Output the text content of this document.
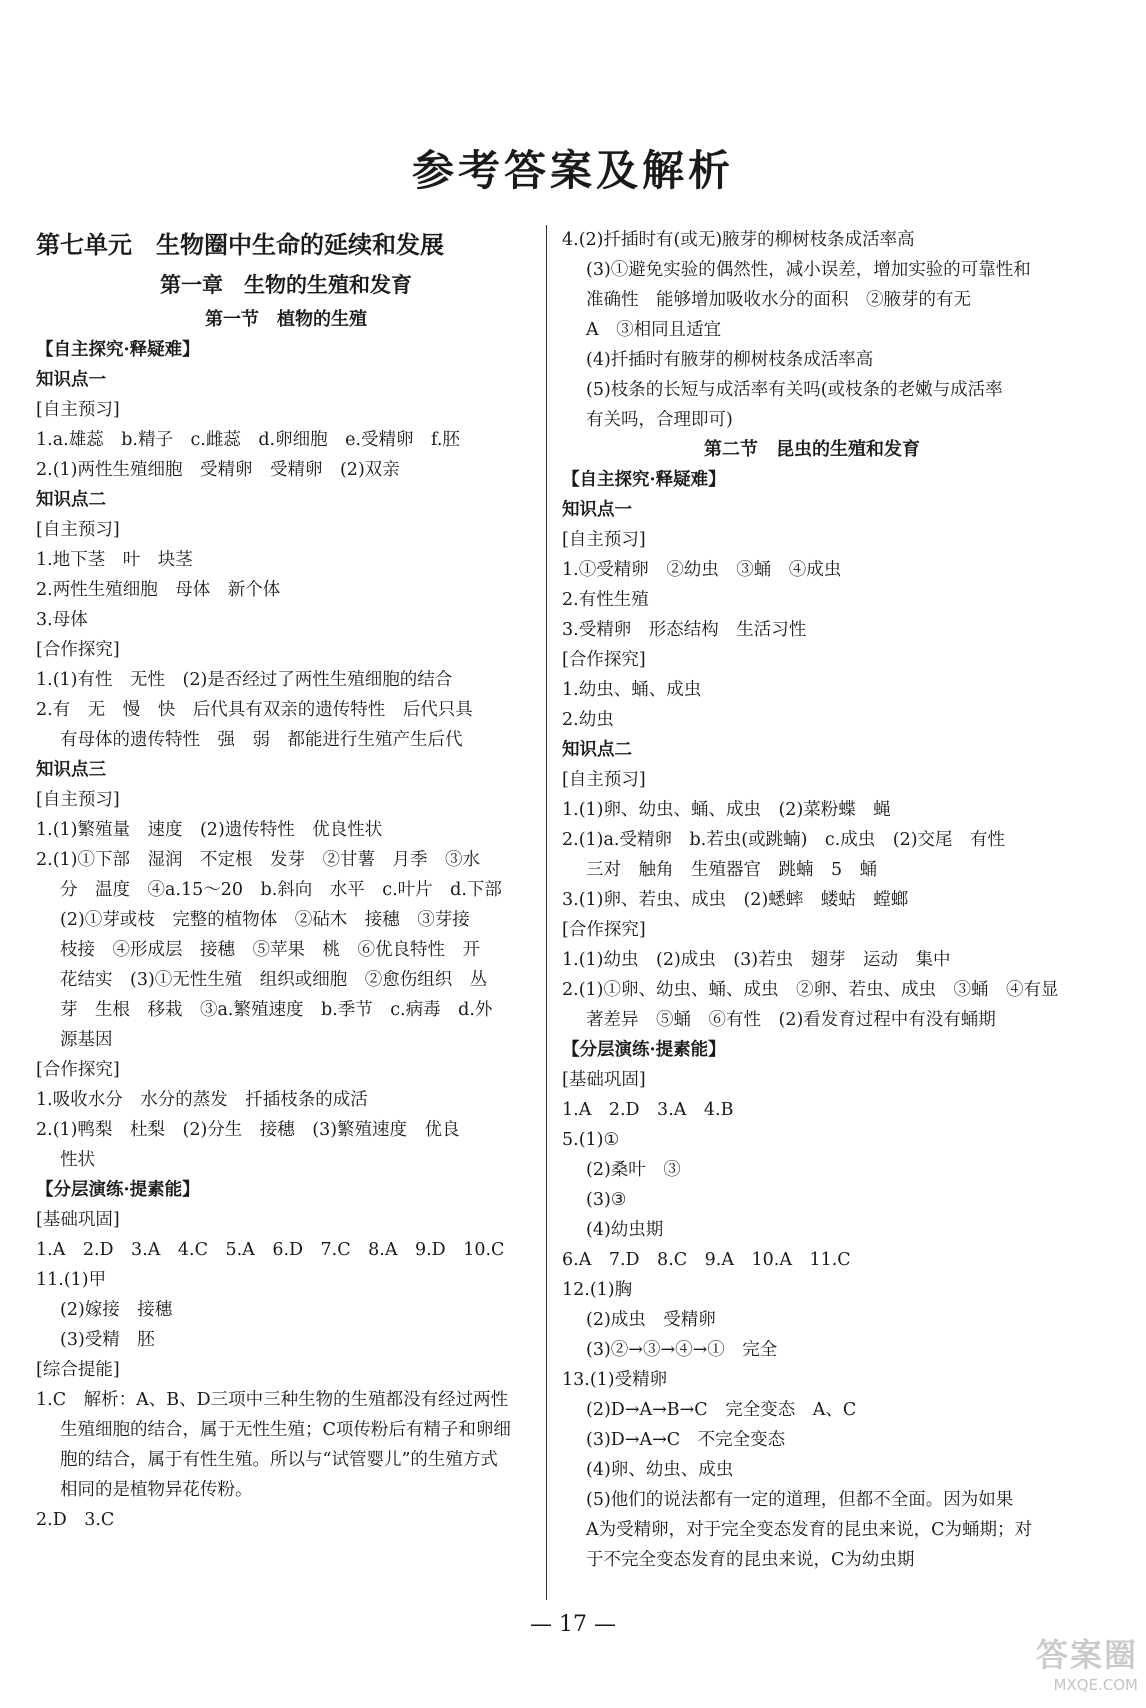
参考答案及解析
第七单元　生物圈中生命的延续和发展
第一章　生物的生殖和发育
第一节　植物的生殖
【自主探究·释疑难】
知识点一
[自主预习]
1.a.雄蕊　b.精子　c.雌蕊　d.卵细胞　e.受精卵　f.胚
2.(1)两性生殖细胞　受精卵　受精卵　(2)双亲
知识点二
[自主预习]
1.地下茎　叶　块茎
2.两性生殖细胞　母体　新个体
3.母体
[合作探究]
1.(1)有性　无性　(2)是否经过了两性生殖细胞的结合
2.有　无　慢　快　后代具有双亲的遗传特性　后代只具
有母体的遗传特性　强　弱　都能进行生殖产生后代
知识点三
[自主预习]
1.(1)繁殖量　速度　(2)遗传特性　优良性状
2.(1)①下部　湿润　不定根　发芽　②甘薯　月季　③水
分　温度　④a.15～20　b.斜向　水平　c.叶片　d.下部
(2)①芽或枝　完整的植物体　②砧木　接穗　③芽接
枝接　④形成层　接穗　⑤苹果　桃　⑥优良特性　开
花结实　(3)①无性生殖　组织或细胞　②愈伤组织　丛
芽　生根　移栽　③a.繁殖速度　b.季节　c.病毒　d.外
源基因
[合作探究]
1.吸收水分　水分的蒸发　扦插枝条的成活
2.(1)鸭梨　杜梨　(2)分生　接穗　(3)繁殖速度　优良
性状
【分层演练·提素能】
[基础巩固]
1.A　2.D　3.A　4.C　5.A　6.D　7.C　8.A　9.D　10.C
11.(1)甲
(2)嫁接　接穗
(3)受精　胚
[综合提能]
1.C　解析：A、B、D三项中三种生物的生殖都没有经过两性
生殖细胞的结合，属于无性生殖；C项传粉后有精子和卵细
胞的结合，属于有性生殖。所以与“试管婴儿”的生殖方式
相同的是植物异花传粉。
2.D　3.C
4.(2)扦插时有(或无)腋芽的柳树枝条成活率高
(3)①避免实验的偶然性，减小误差，增加实验的可靠性和
准确性　能够增加吸收水分的面积　②腋芽的有无
A　③相同且适宜
(4)扦插时有腋芽的柳树枝条成活率高
(5)枝条的长短与成活率有关吗(或枝条的老嫩与成活率
有关吗，合理即可)
第二节　昆虫的生殖和发育
【自主探究·释疑难】
知识点一
[自主预习]
1.①受精卵　②幼虫　③蛹　④成虫
2.有性生殖
3.受精卵　形态结构　生活习性
[合作探究]
1.幼虫、蛹、成虫
2.幼虫
知识点二
[自主预习]
1.(1)卵、幼虫、蛹、成虫　(2)菜粉蝶　蝇
2.(1)a.受精卵　b.若虫(或跳蝻)　c.成虫　(2)交尾　有性
三对　触角　生殖器官　跳蝻　5　蛹
3.(1)卵、若虫、成虫　(2)蟋蟀　蝼蛄　螳螂
[合作探究]
1.(1)幼虫　(2)成虫　(3)若虫　翅芽　运动　集中
2.(1)①卵、幼虫、蛹、成虫　②卵、若虫、成虫　③蛹　④有显
著差异　⑤蛹　⑥有性　(2)看发育过程中有没有蛹期
【分层演练·提素能】
[基础巩固]
1.A　2.D　3.A　4.B
5.(1)①
(2)桑叶　③
(3)③
(4)幼虫期
6.A　7.D　8.C　9.A　10.A　11.C
12.(1)胸
(2)成虫　受精卵
(3)②→③→④→①　完全
13.(1)受精卵
(2)D→A→B→C　完全变态　A、C
(3)D→A→C　不完全变态
(4)卵、幼虫、成虫
(5)他们的说法都有一定的道理，但都不全面。因为如果
A为受精卵，对于完全变态发育的昆虫来说，C为蛹期；对
于不完全变态发育的昆虫来说，C为幼虫期
— 17 —
答案圈
MXQE.COM
